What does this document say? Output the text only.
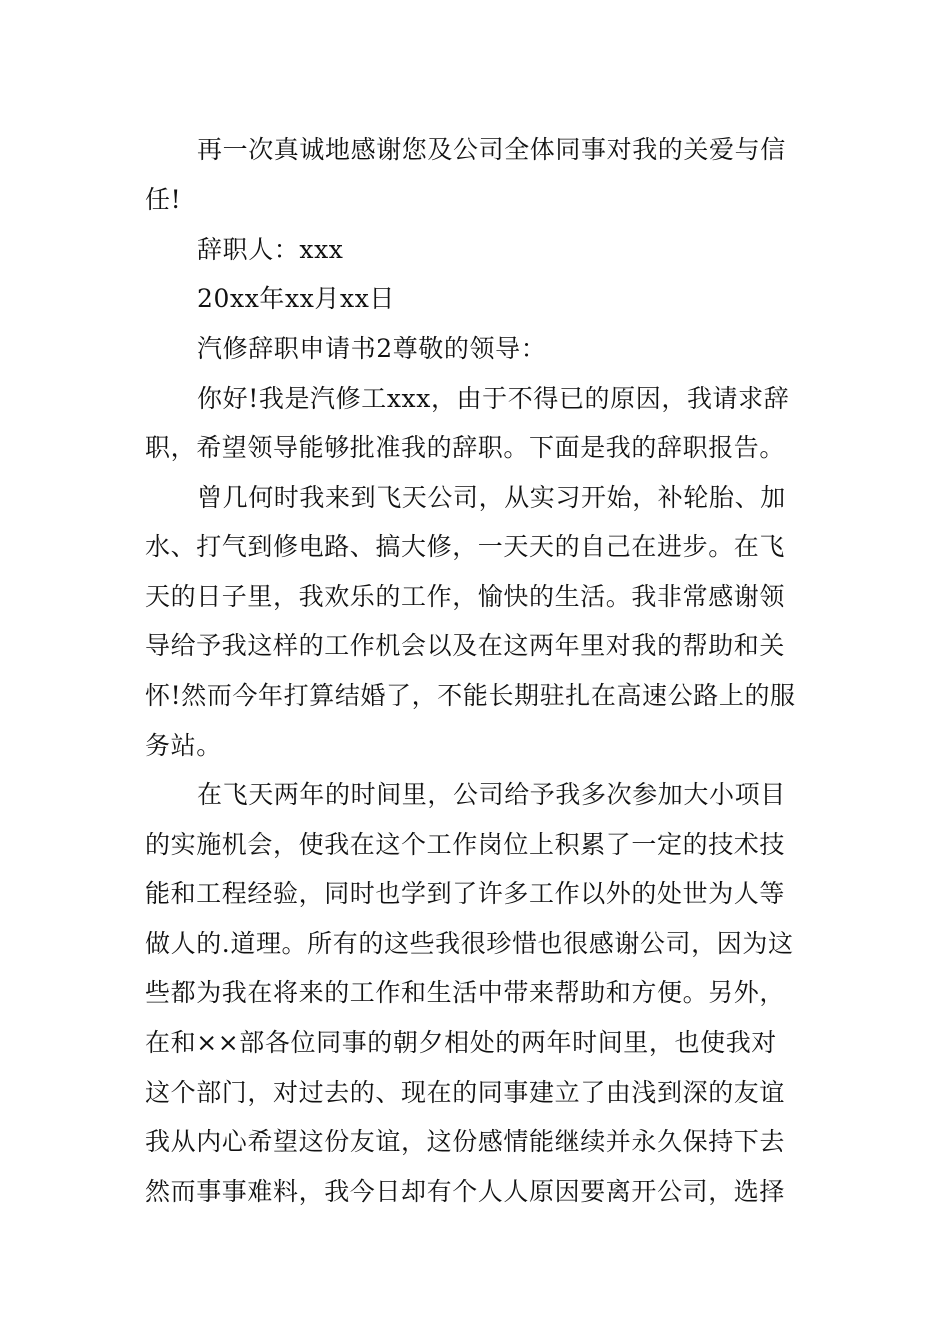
再一次真诚地感谢您及公司全体同事对我的关爱与信
任!
辞职人：xxx
20xx年xx月xx日
汽修辞职申请书2尊敬的领导：
你好!我是汽修工xxx，由于不得已的原因，我请求辞
职，希望领导能够批准我的辞职。下面是我的辞职报告。
曾几何时我来到飞天公司，从实习开始，补轮胎、加
水、打气到修电路、搞大修，一天天的自己在进步。在飞
天的日子里，我欢乐的工作，愉快的生活。我非常感谢领
导给予我这样的工作机会以及在这两年里对我的帮助和关
怀!然而今年打算结婚了，不能长期驻扎在高速公路上的服
务站。
在飞天两年的时间里，公司给予我多次参加大小项目
的实施机会，使我在这个工作岗位上积累了一定的技术技
能和工程经验，同时也学到了许多工作以外的处世为人等
做人的.道理。所有的这些我很珍惜也很感谢公司，因为这
些都为我在将来的工作和生活中带来帮助和方便。另外，
在和××部各位同事的朝夕相处的两年时间里，也使我对
这个部门，对过去的、现在的同事建立了由浅到深的友谊
我从内心希望这份友谊，这份感情能继续并永久保持下去
然而事事难料，我今日却有个人人原因要离开公司，选择
